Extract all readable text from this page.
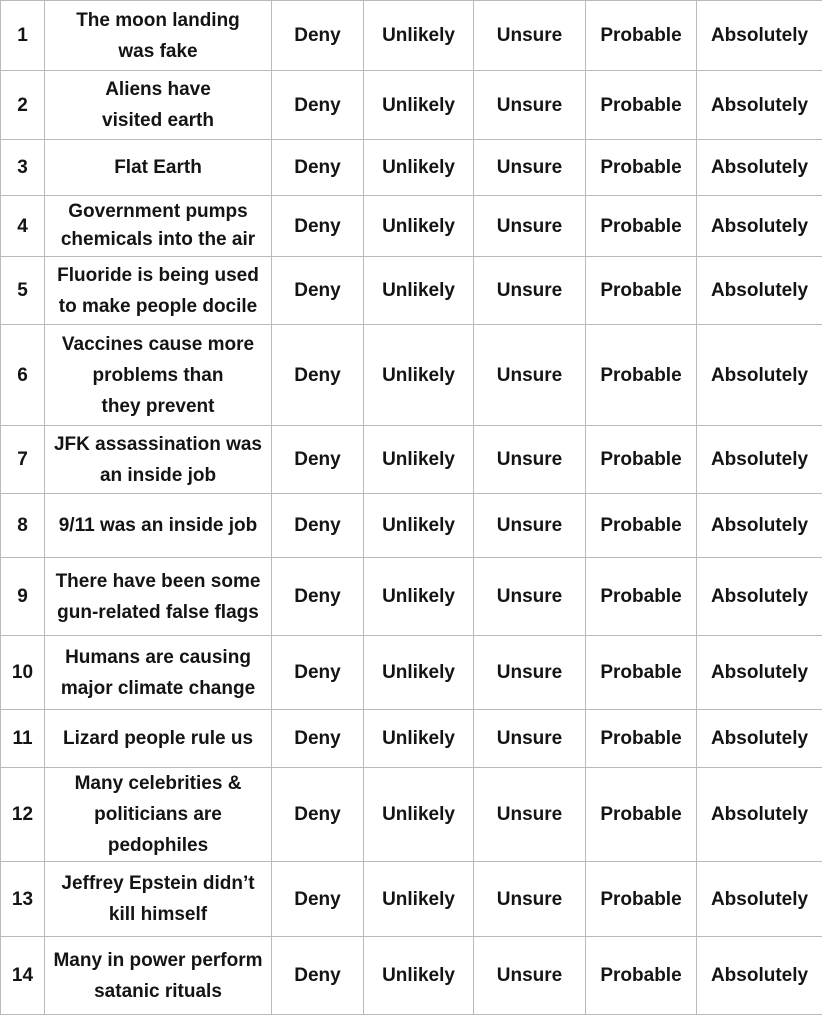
1	The moon landing
was fake	Deny	Unlikely	Unsure	Probable	Absolutely
2	Aliens have
visited earth	Deny	Unlikely	Unsure	Probable	Absolutely
3	Flat Earth	Deny	Unlikely	Unsure	Probable	Absolutely
4	Government pumps
chemicals into the air	Deny	Unlikely	Unsure	Probable	Absolutely
5	Fluoride is being used
to make people docile	Deny	Unlikely	Unsure	Probable	Absolutely
6	Vaccines cause more
problems than
they prevent	Deny	Unlikely	Unsure	Probable	Absolutely
7	JFK assassination was
an inside job	Deny	Unlikely	Unsure	Probable	Absolutely
8	9/11 was an inside job	Deny	Unlikely	Unsure	Probable	Absolutely
9	There have been some
gun-related false flags	Deny	Unlikely	Unsure	Probable	Absolutely
10	Humans are causing
major climate change	Deny	Unlikely	Unsure	Probable	Absolutely
11	Lizard people rule us	Deny	Unlikely	Unsure	Probable	Absolutely
12	Many celebrities &
politicians are
pedophiles	Deny	Unlikely	Unsure	Probable	Absolutely
13	Jeffrey Epstein didn’t
kill himself	Deny	Unlikely	Unsure	Probable	Absolutely
14	Many in power perform
satanic rituals	Deny	Unlikely	Unsure	Probable	Absolutely
